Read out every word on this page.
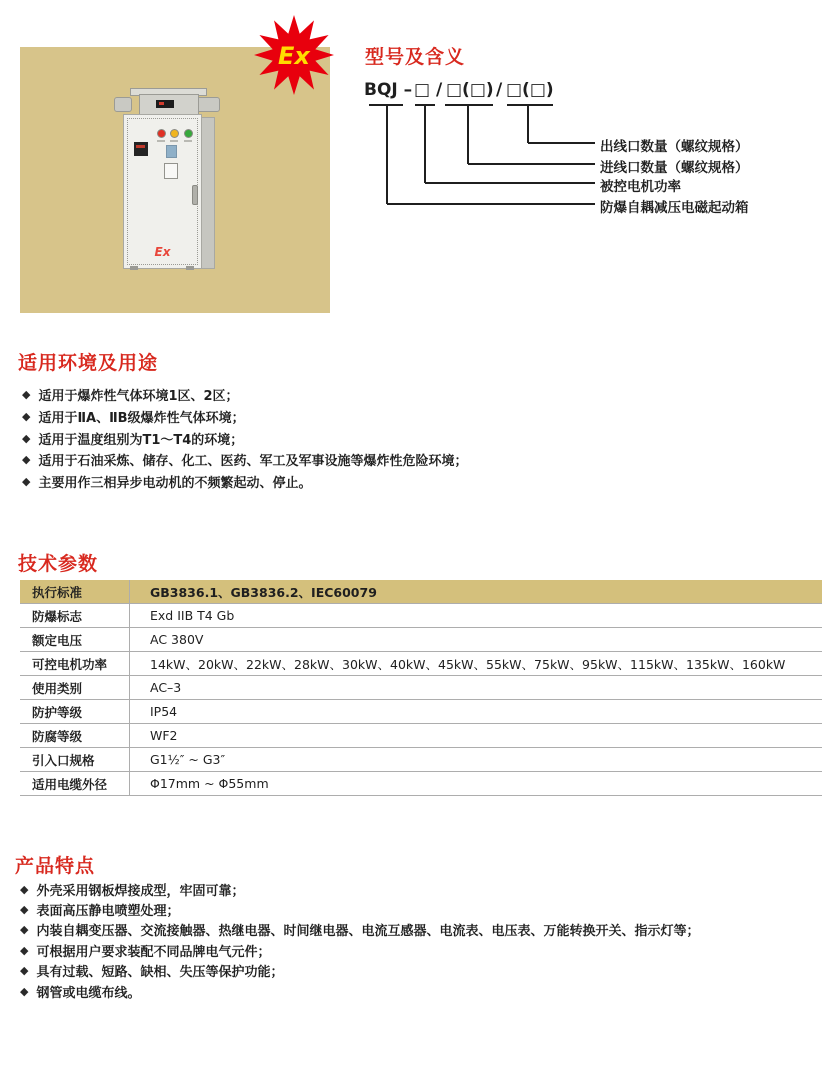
Ex
Ex	型号及含义
BQJ – □ / □(□) / □(□)
出线口数量（螺纹规格）
进线口数量（螺纹规格）
被控电机功率
防爆自耦减压电磁起动箱
适用环境及用途
◆ 适用于爆炸性气体环境1区、2区；
◆ 适用于ⅡA、ⅡB级爆炸性气体环境；
◆ 适用于温度组别为T1～T4的环境；
◆ 适用于石油采炼、储存、化工、医药、军工及军事设施等爆炸性危险环境；
◆ 主要用作三相异步电动机的不频繁起动、停止。
技术参数
执行标准	GB3836.1、GB3836.2、IEC60079
防爆标志	Exd IIB T4 Gb
额定电压	AC 380V
可控电机功率	14kW、20kW、22kW、28kW、30kW、40kW、45kW、55kW、75kW、95kW、115kW、135kW、160kW
使用类别	AC–3
防护等级	IP54
防腐等级	WF2
引入口规格	G1½″ ~ G3″
适用电缆外径	Φ17mm ~ Φ55mm
产品特点
◆ 外壳采用钢板焊接成型，牢固可靠；
◆ 表面高压静电喷塑处理；
◆ 内装自耦变压器、交流接触器、热继电器、时间继电器、电流互感器、电流表、电压表、万能转换开关、指示灯等；
◆ 可根据用户要求装配不同品牌电气元件；
◆ 具有过载、短路、缺相、失压等保护功能；
◆ 钢管或电缆布线。
